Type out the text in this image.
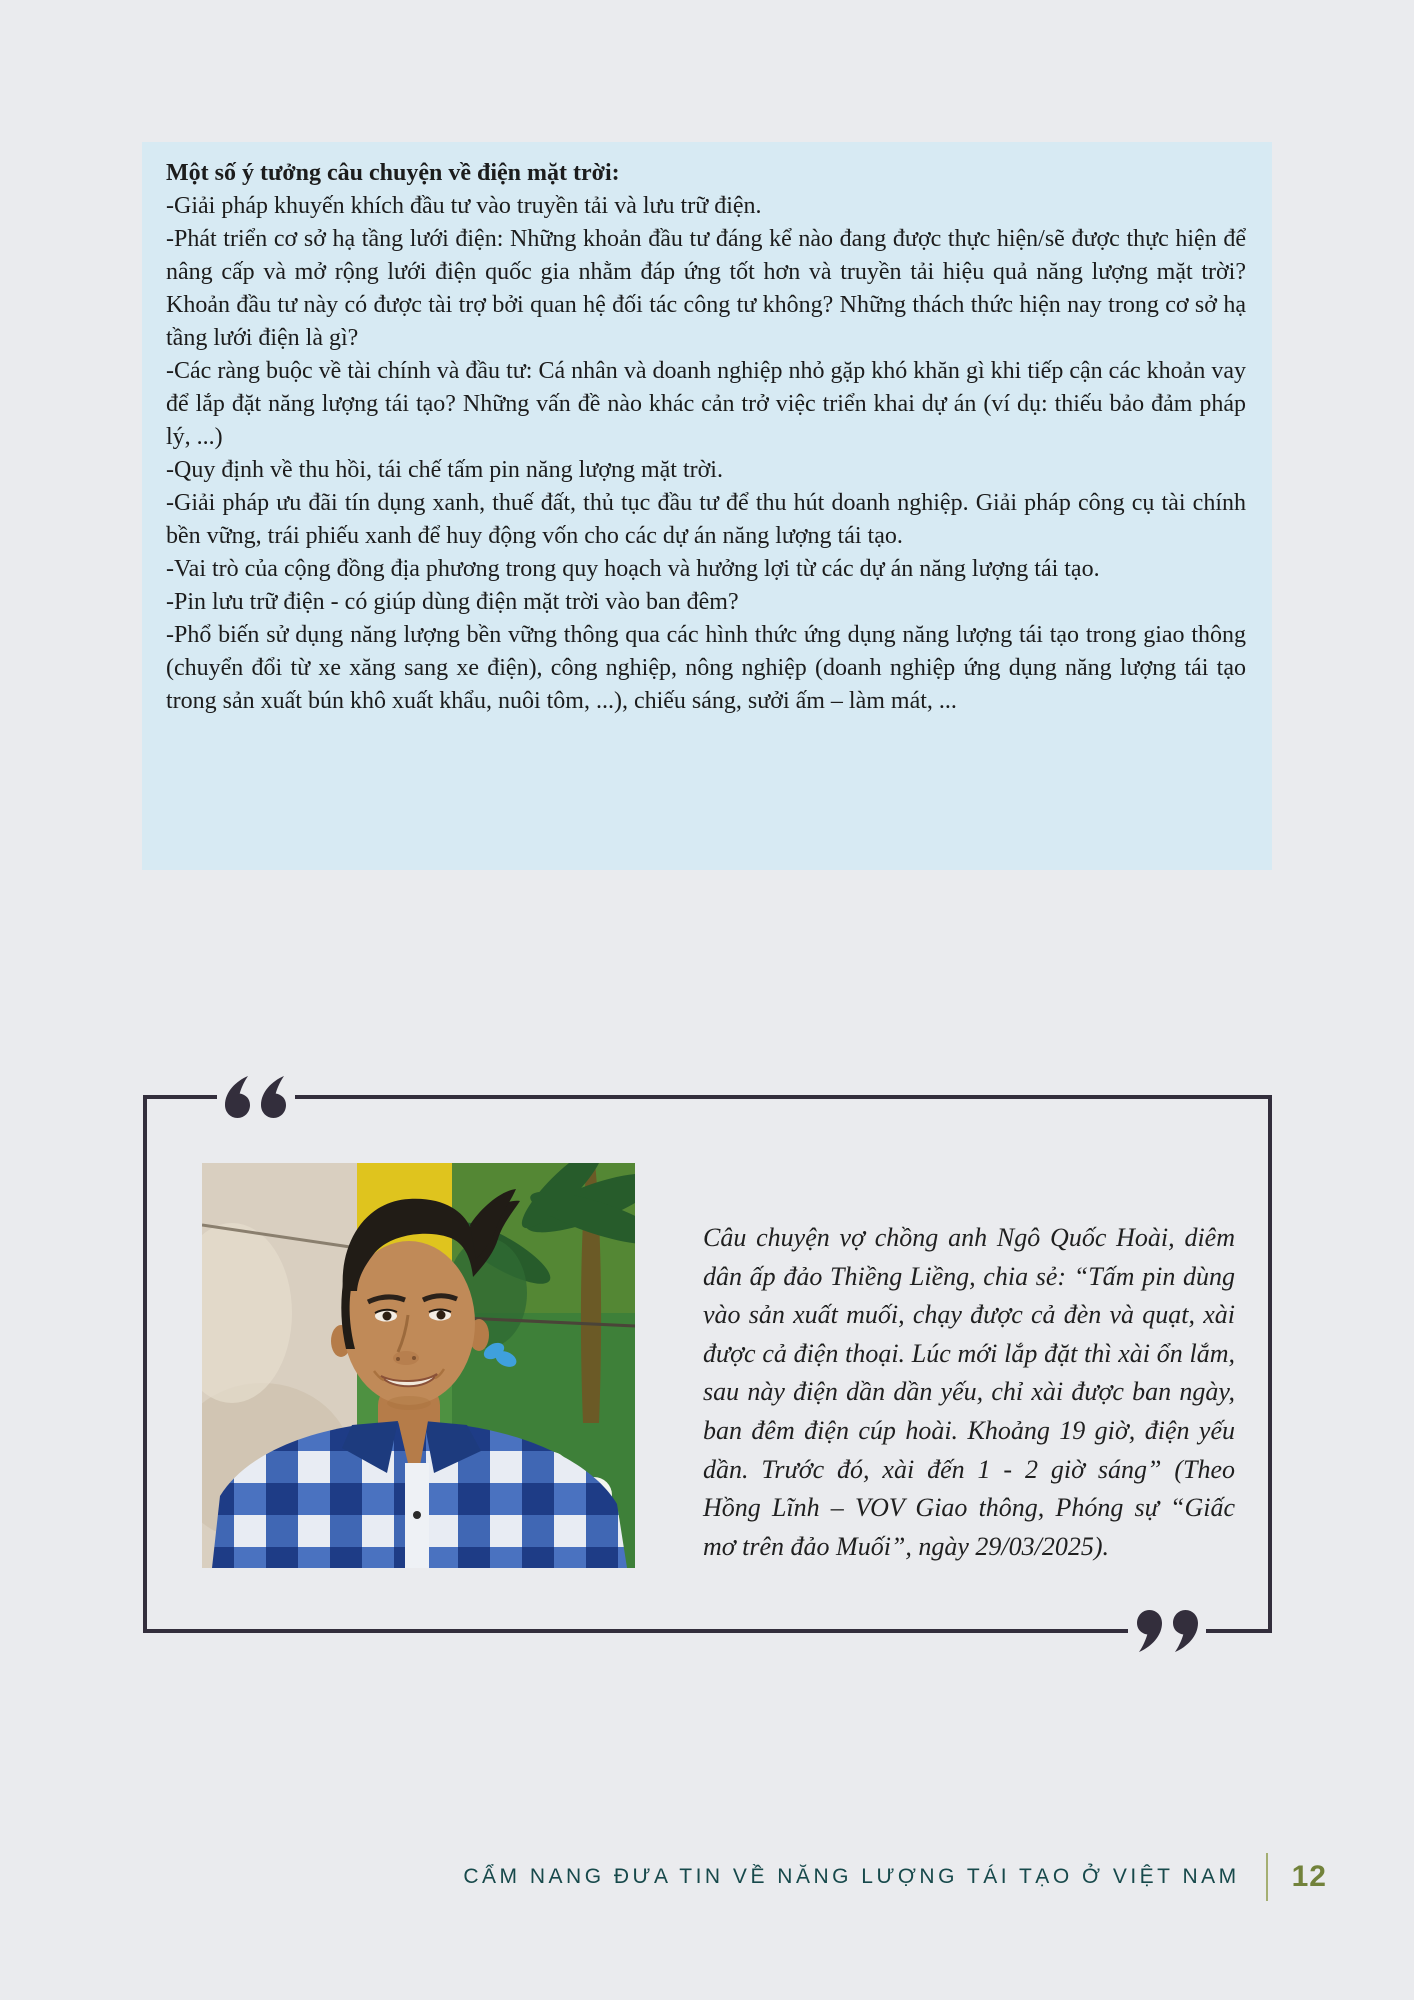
Một số ý tưởng câu chuyện về điện mặt trời:

-Giải pháp khuyến khích đầu tư vào truyền tải và lưu trữ điện.

-Phát triển cơ sở hạ tầng lưới điện: Những khoản đầu tư đáng kể nào đang được thực hiện/sẽ được thực hiện để nâng cấp và mở rộng lưới điện quốc gia nhằm đáp ứng tốt hơn và truyền tải hiệu quả năng lượng mặt trời? Khoản đầu tư này có được tài trợ bởi quan hệ đối tác công tư không? Những thách thức hiện nay trong cơ sở hạ tầng lưới điện là gì?

-Các ràng buộc về tài chính và đầu tư: Cá nhân và doanh nghiệp nhỏ gặp khó khăn gì khi tiếp cận các khoản vay để lắp đặt năng lượng tái tạo? Những vấn đề nào khác cản trở việc triển khai dự án (ví dụ: thiếu bảo đảm pháp lý, ...)

-Quy định về thu hồi, tái chế tấm pin năng lượng mặt trời.

-Giải pháp ưu đãi tín dụng xanh, thuế đất, thủ tục đầu tư để thu hút doanh nghiệp. Giải pháp công cụ tài chính bền vững, trái phiếu xanh để huy động vốn cho các dự án năng lượng tái tạo.

-Vai trò của cộng đồng địa phương trong quy hoạch và hưởng lợi từ các dự án năng lượng tái tạo.

-Pin lưu trữ điện - có giúp dùng điện mặt trời vào ban đêm?

-Phổ biến sử dụng năng lượng bền vững thông qua các hình thức ứng dụng năng lượng tái tạo trong giao thông (chuyển đổi từ xe xăng sang xe điện), công nghiệp, nông nghiệp (doanh nghiệp ứng dụng năng lượng tái tạo trong sản xuất bún khô xuất khẩu, nuôi tôm, ...), chiếu sáng, sưởi ấm – làm mát, ...

Câu chuyện vợ chồng anh Ngô Quốc Hoài, diêm dân ấp đảo Thiềng Liềng, chia sẻ: “Tấm pin dùng vào sản xuất muối, chạy được cả đèn và quạt, xài được cả điện thoại. Lúc mới lắp đặt thì xài ổn lắm, sau này điện dần dần yếu, chỉ xài được ban ngày, ban đêm điện cúp hoài. Khoảng 19 giờ, điện yếu dần. Trước đó, xài đến 1 - 2 giờ sáng” (Theo Hồng Lĩnh – VOV Giao thông, Phóng sự “Giấc mơ trên đảo Muối”, ngày 29/03/2025).

CẨM NANG ĐƯA TIN VỀ NĂNG LƯỢNG TÁI TẠO Ở VIỆT NAM 12
